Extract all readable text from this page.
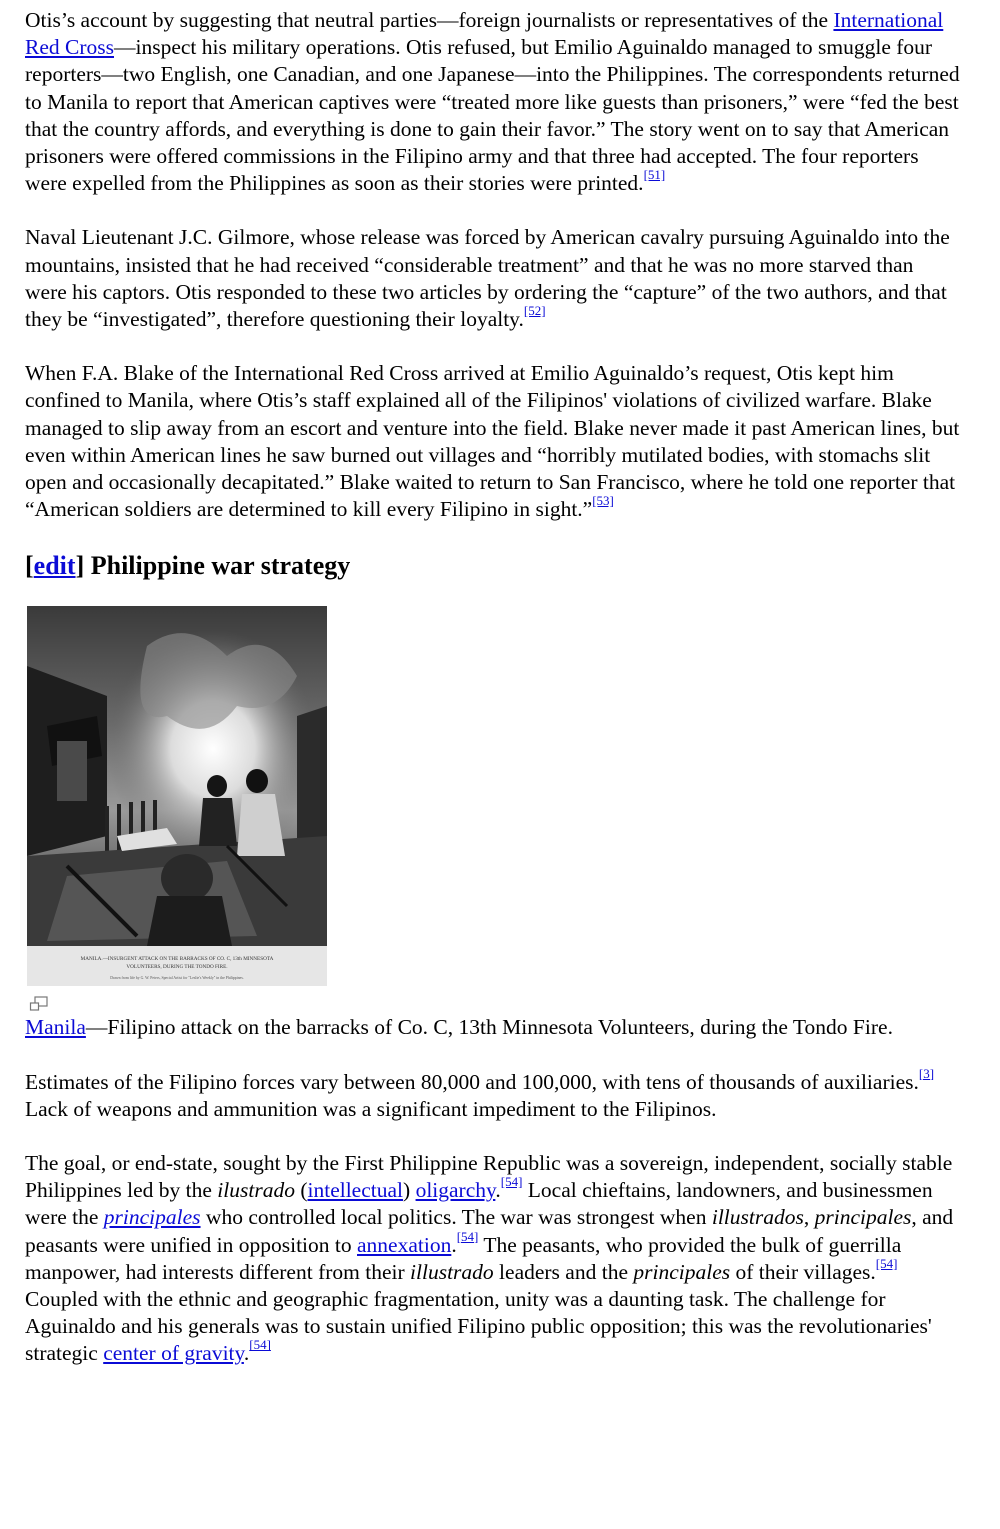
Otis’s account by suggesting that neutral parties—foreign journalists or representatives of the International Red Cross—inspect his military operations. Otis refused, but Emilio Aguinaldo managed to smuggle four reporters—two English, one Canadian, and one Japanese—into the Philippines. The correspondents returned to Manila to report that American captives were “treated more like guests than prisoners,” were “fed the best that the country affords, and everything is done to gain their favor.” The story went on to say that American prisoners were offered commissions in the Filipino army and that three had accepted. The four reporters were expelled from the Philippines as soon as their stories were printed.[51]

Naval Lieutenant J.C. Gilmore, whose release was forced by American cavalry pursuing Aguinaldo into the mountains, insisted that he had received “considerable treatment” and that he was no more starved than were his captors. Otis responded to these two articles by ordering the “capture” of the two authors, and that they be “investigated”, therefore questioning their loyalty.[52]

When F.A. Blake of the International Red Cross arrived at Emilio Aguinaldo’s request, Otis kept him confined to Manila, where Otis’s staff explained all of the Filipinos' violations of civilized warfare. Blake managed to slip away from an escort and venture into the field. Blake never made it past American lines, but even within American lines he saw burned out villages and “horribly mutilated bodies, with stomachs slit open and occasionally decapitated.” Blake waited to return to San Francisco, where he told one reporter that “American soldiers are determined to kill every Filipino in sight.”[53]

[edit] Philippine war strategy
MANILA.—INSURGENT ATTACK ON THE BARRACKS OF CO. C, 13th MINNESOTA
VOLUNTEERS, DURING THE TONDO FIRE.
Drawn from life by G. W. Peters, Special Artist for "Leslie's Weekly" in the Philippines.
Manila—Filipino attack on the barracks of Co. C, 13th Minnesota Volunteers, during the Tondo Fire.

Estimates of the Filipino forces vary between 80,000 and 100,000, with tens of thousands of auxiliaries.[3] Lack of weapons and ammunition was a significant impediment to the Filipinos.

The goal, or end-state, sought by the First Philippine Republic was a sovereign, independent, socially stable Philippines led by the ilustrado (intellectual) oligarchy.[54] Local chieftains, landowners, and businessmen were the principales who controlled local politics. The war was strongest when illustrados, principales, and peasants were unified in opposition to annexation.[54] The peasants, who provided the bulk of guerrilla manpower, had interests different from their illustrado leaders and the principales of their villages.[54] Coupled with the ethnic and geographic fragmentation, unity was a daunting task. The challenge for Aguinaldo and his generals was to sustain unified Filipino public opposition; this was the revolutionaries' strategic center of gravity.[54]
